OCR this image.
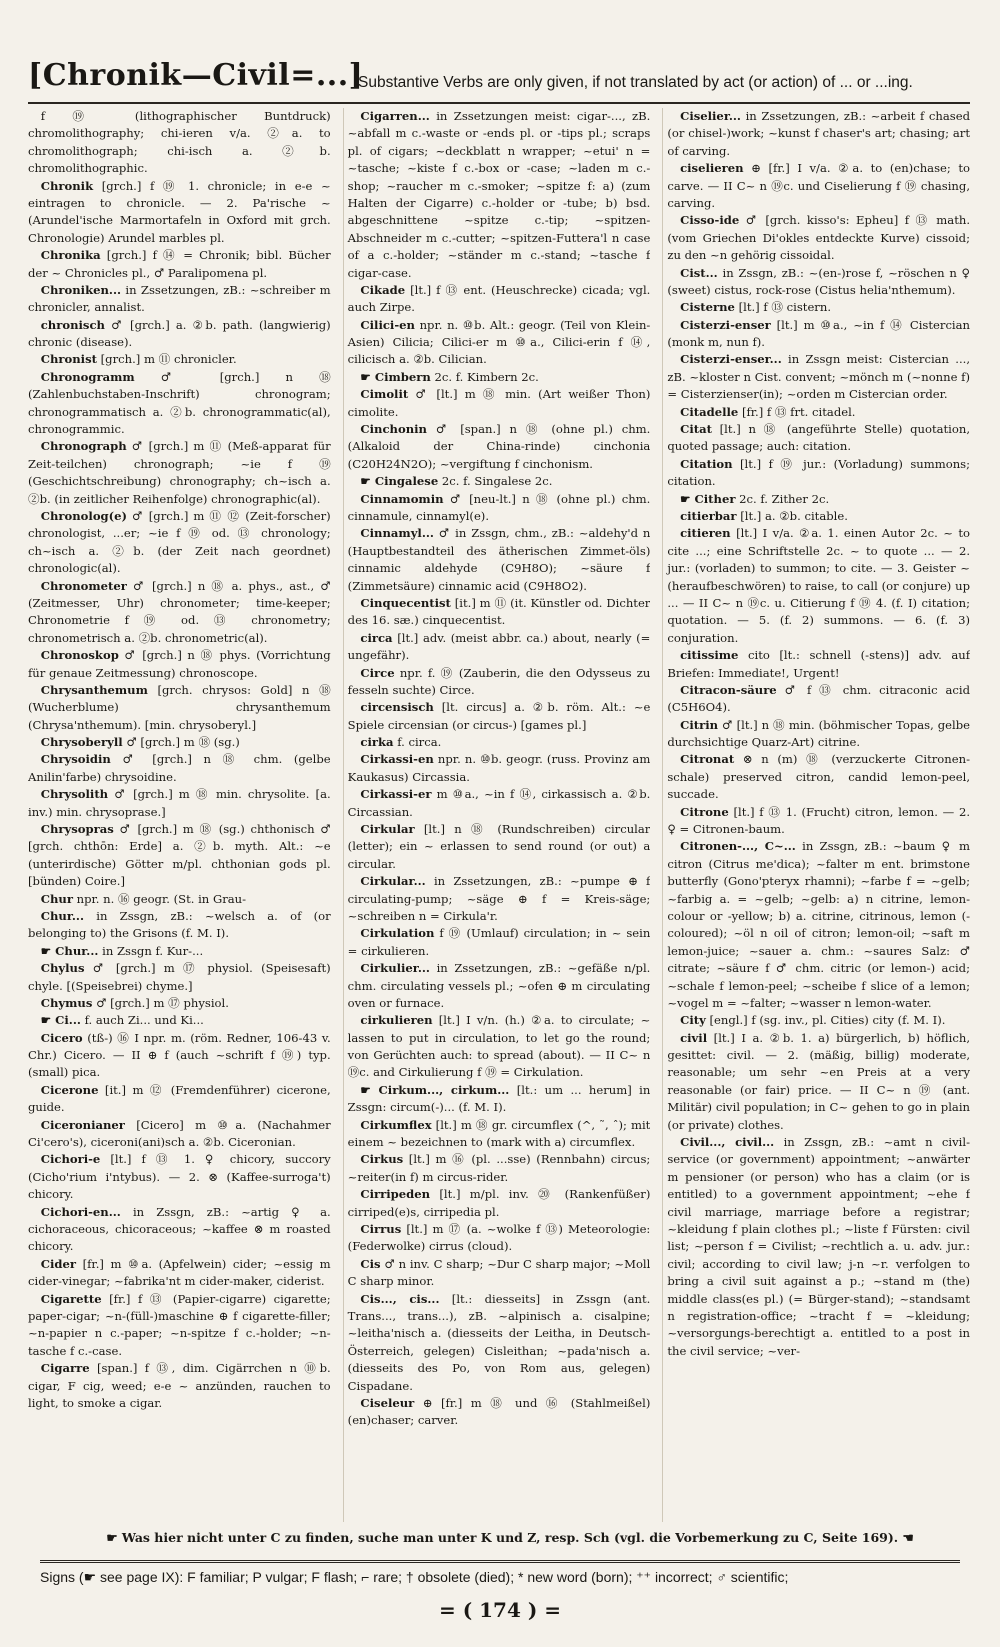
[Chronik—Civil=...]
Substantive Verbs are only given, if not translated by act (or action) of ... or ...ing.

f ⑲ (lithographischer Buntdruck) chromolithography; chi-ieren v/a. ②a. to chromolithograph; chi-isch a. ②b. chromolithographic.

Chronik [grch.] f ⑲ 1. chronicle; in e-e ~ eintragen to chronicle. — 2. Pa'rische ~ (Arundel'ische Marmortafeln in Oxford mit grch. Chronologie) Arundel marbles pl.

Chronika [grch.] f ⑭ = Chronik; bibl. Bücher der ~ Chronicles pl., ♂ Paralipomena pl.

Chroniken... in Zssetzungen, zB.: ~schreiber m chronicler, annalist.

chronisch ♂ [grch.] a. ②b. path. (langwierig) chronic (disease).

Chronist [grch.] m ⑪ chronicler.

Chronogramm ♂ [grch.] n ⑱ (Zahlenbuchstaben-Inschrift) chronogram; chronogrammatisch a. ②b. chronogrammatic(al), chronogrammic.

Chronograph ♂ [grch.] m ⑪ (Meß-apparat für Zeit-teilchen) chronograph; ~ie f ⑲ (Geschichtschreibung) chronography; ch~isch a. ②b. (in zeitlicher Reihenfolge) chronographic(al).

Chronolog(e) ♂ [grch.] m ⑪ ⑫ (Zeit-forscher) chronologist, ...er; ~ie f ⑲ od. ⑬ chronology; ch~isch a. ②b. (der Zeit nach geordnet) chronologic(al).

Chronometer ♂ [grch.] n ⑱ a. phys., ast., ♂ (Zeitmesser, Uhr) chronometer; time-keeper; Chronometrie f ⑲ od. ⑬ chronometry; chronometrisch a. ②b. chronometric(al).

Chronoskop ♂ [grch.] n ⑱ phys. (Vorrichtung für genaue Zeitmessung) chronoscope.

Chrysanthemum [grch. chrysos: Gold] n ⑱ (Wucherblume) chrysanthemum (Chrysa'nthemum). [min. chrysoberyl.]

Chrysoberyll ♂ [grch.] m ⑱ (sg.)

Chrysoidin ♂ [grch.] n ⑱ chm. (gelbe Anilin'farbe) chrysoidine.

Chrysolith ♂ [grch.] m ⑱ min. chrysolite. [a. inv.) min. chrysoprase.]

Chrysopras ♂ [grch.] m ⑱ (sg.) chthonisch ♂ [grch. chthōn: Erde] a. ②b. myth. Alt.: ~e (unterirdische) Götter m/pl. chthonian gods pl. [bünden) Coire.]

Chur npr. n. ⑯ geogr. (St. in Grau-

Chur... in Zssgn, zB.: ~welsch a. of (or belonging to) the Grisons (f. M. I).

☛ Chur... in Zssgn f. Kur-...

Chylus ♂ [grch.] m ⑰ physiol. (Speisesaft) chyle. [(Speisebrei) chyme.]

Chymus ♂ [grch.] m ⑰ physiol.

☛ Ci... f. auch Zi... und Ki...

Cicero (tß-) ⑯ I npr. m. (röm. Redner, 106-43 v. Chr.) Cicero. — II ⊕ f (auch ~schrift f ⑲) typ. (small) pica.

Cicerone [it.] m ⑫ (Fremdenführer) cicerone, guide.

Ciceronianer [Cicero] m ⑩a. (Nachahmer Ci'cero's), ciceroni(ani)sch a. ②b. Ciceronian.

Cichori-e [lt.] f ⑬ 1. ♀ chicory, succory (Cicho'rium i'ntybus). — 2. ⊗ (Kaffee-surroga't) chicory.

Cichori-en... in Zssgn, zB.: ~artig ♀ a. cichoraceous, chicoraceous; ~kaffee ⊗ m roasted chicory.

Cider [fr.] m ⑩a. (Apfelwein) cider; ~essig m cider-vinegar; ~fabrika'nt m cider-maker, ciderist.

Cigarette [fr.] f ⑬ (Papier-cigarre) cigarette; paper-cigar; ~n-(füll-)maschine ⊕ f cigarette-filler; ~n-papier n c.-paper; ~n-spitze f c.-holder; ~n-tasche f c.-case.

Cigarre [span.] f ⑬, dim. Cigärrchen n ⑩b. cigar, F cig, weed; e-e ~ anzünden, rauchen to light, to smoke a cigar.

Cigarren... in Zssetzungen meist: cigar-..., zB. ~abfall m c.-waste or -ends pl. or -tips pl.; scraps pl. of cigars; ~deckblatt n wrapper; ~etui' n = ~tasche; ~kiste f c.-box or -case; ~laden m c.-shop; ~raucher m c.-smoker; ~spitze f: a) (zum Halten der Cigarre) c.-holder or -tube; b) bsd. abgeschnittene ~spitze c.-tip; ~spitzen-Abschneider m c.-cutter; ~spitzen-Futtera'l n case of a c.-holder; ~ständer m c.-stand; ~tasche f cigar-case.

Cikade [lt.] f ⑬ ent. (Heuschrecke) cicada; vgl. auch Zirpe.

Cilici-en npr. n. ⑩b. Alt.: geogr. (Teil von Klein-Asien) Cilicia; Cilici-er m ⑩a., Cilici-erin f ⑭, cilicisch a. ②b. Cilician.

☛ Cimbern 2c. f. Kimbern 2c.

Cimolit ♂ [lt.] m ⑱ min. (Art weißer Thon) cimolite.

Cinchonin ♂ [span.] n ⑱ (ohne pl.) chm. (Alkaloid der China-rinde) cinchonia (C20H24N2O); ~vergiftung f cinchonism.

☛ Cingalese 2c. f. Singalese 2c.

Cinnamomin ♂ [neu-lt.] n ⑱ (ohne pl.) chm. cinnamule, cinnamyl(e).

Cinnamyl... ♂ in Zssgn, chm., zB.: ~aldehy'd n (Hauptbestandteil des ätherischen Zimmet-öls) cinnamic aldehyde (C9H8O); ~säure f (Zimmetsäure) cinnamic acid (C9H8O2).

Cinquecentist [it.] m ⑪ (it. Künstler od. Dichter des 16. sæ.) cinquecentist.

circa [lt.] adv. (meist abbr. ca.) about, nearly (= ungefähr).

Circe npr. f. ⑲ (Zauberin, die den Odysseus zu fesseln suchte) Circe.

circensisch [lt. circus] a. ②b. röm. Alt.: ~e Spiele circensian (or circus-) [games pl.]

cirka f. circa.

Cirkassi-en npr. n. ⑩b. geogr. (russ. Provinz am Kaukasus) Circassia.

Cirkassi-er m ⑩a., ~in f ⑭, cirkassisch a. ②b. Circassian.

Cirkular [lt.] n ⑱ (Rundschreiben) circular (letter); ein ~ erlassen to send round (or out) a circular.

Cirkular... in Zssetzungen, zB.: ~pumpe ⊕ f circulating-pump; ~säge ⊕ f = Kreis-säge; ~schreiben n = Cirkula'r.

Cirkulation f ⑲ (Umlauf) circulation; in ~ sein = cirkulieren.

Cirkulier... in Zssetzungen, zB.: ~gefäße n/pl. chm. circulating vessels pl.; ~ofen ⊕ m circulating oven or furnace.

cirkulieren [lt.] I v/n. (h.) ②a. to circulate; ~ lassen to put in circulation, to let go the round; von Gerüchten auch: to spread (about). — II C~ n ⑲c. and Cirkulierung f ⑲ = Cirkulation.

☛ Cirkum..., cirkum... [lt.: um ... herum] in Zssgn: circum(-)... (f. M. I).

Cirkumflex [lt.] m ⑱ gr. circumflex (^, ˜, ˆ); mit einem ~ bezeichnen to (mark with a) circumflex.

Cirkus [lt.] m ⑯ (pl. ...sse) (Rennbahn) circus; ~reiter(in f) m circus-rider.

Cirripeden [lt.] m/pl. inv. ⑳ (Rankenfüßer) cirriped(e)s, cirripedia pl.

Cirrus [lt.] m ⑰ (a. ~wolke f ⑬) Meteorologie: (Federwolke) cirrus (cloud).

Cis ♂ n inv. C sharp; ~Dur C sharp major; ~Moll C sharp minor.

Cis..., cis... [lt.: diesseits] in Zssgn (ant. Trans..., trans...), zB. ~alpinisch a. cisalpine; ~leitha'nisch a. (diesseits der Leitha, in Deutsch-Österreich, gelegen) Cisleithan; ~pada'nisch a. (diesseits des Po, von Rom aus, gelegen) Cispadane.

Ciseleur ⊕ [fr.] m ⑱ und ⑯ (Stahlmeißel) (en)chaser; carver.

Ciselier... in Zssetzungen, zB.: ~arbeit f chased (or chisel-)work; ~kunst f chaser's art; chasing; art of carving.

ciselieren ⊕ [fr.] I v/a. ②a. to (en)chase; to carve. — II C~ n ⑲c. und Ciselierung f ⑲ chasing, carving.

Cisso-ide ♂ [grch. kisso's: Epheu] f ⑬ math. (vom Griechen Di'okles entdeckte Kurve) cissoid; zu den ~n gehörig cissoidal.

Cist... in Zssgn, zB.: ~(en-)rose f, ~röschen n ♀ (sweet) cistus, rock-rose (Cistus helia'nthemum).

Cisterne [lt.] f ⑬ cistern.

Cisterzi-enser [lt.] m ⑩a., ~in f ⑭ Cistercian (monk m, nun f).

Cisterzi-enser... in Zssgn meist: Cistercian ..., zB. ~kloster n Cist. convent; ~mönch m (~nonne f) = Cisterzienser(in); ~orden m Cistercian order.

Citadelle [fr.] f ⑬ frt. citadel.

Citat [lt.] n ⑱ (angeführte Stelle) quotation, quoted passage; auch: citation.

Citation [lt.] f ⑲ jur.: (Vorladung) summons; citation.

☛ Cither 2c. f. Zither 2c.

citierbar [lt.] a. ②b. citable.

citieren [lt.] I v/a. ②a. 1. einen Autor 2c. ~ to cite ...; eine Schriftstelle 2c. ~ to quote ... — 2. jur.: (vorladen) to summon; to cite. — 3. Geister ~ (heraufbeschwören) to raise, to call (or conjure) up ... — II C~ n ⑲c. u. Citierung f ⑲ 4. (f. I) citation; quotation. — 5. (f. 2) summons. — 6. (f. 3) conjuration.

citissime cito [lt.: schnell (-stens)] adv. auf Briefen: Immediate!, Urgent!

Citracon-säure ♂ f ⑬ chm. citraconic acid (C5H6O4).

Citrin ♂ [lt.] n ⑱ min. (böhmischer Topas, gelbe durchsichtige Quarz-Art) citrine.

Citronat ⊗ n (m) ⑱ (verzuckerte Citronen-schale) preserved citron, candid lemon-peel, succade.

Citrone [lt.] f ⑬ 1. (Frucht) citron, lemon. — 2. ♀ = Citronen-baum.

Citronen-..., C~... in Zssgn, zB.: ~baum ♀ m citron (Citrus me'dica); ~falter m ent. brimstone butterfly (Gono'pteryx rhamni); ~farbe f = ~gelb; ~farbig a. = ~gelb; ~gelb: a) n citrine, lemon-colour or -yellow; b) a. citrine, citrinous, lemon (-coloured); ~öl n oil of citron; lemon-oil; ~saft m lemon-juice; ~sauer a. chm.: ~saures Salz: ♂ citrate; ~säure f ♂ chm. citric (or lemon-) acid; ~schale f lemon-peel; ~scheibe f slice of a lemon; ~vogel m = ~falter; ~wasser n lemon-water.

City [engl.] f (sg. inv., pl. Cities) city (f. M. I).

civil [lt.] I a. ②b. 1. a) bürgerlich, b) höflich, gesittet: civil. — 2. (mäßig, billig) moderate, reasonable; um sehr ~en Preis at a very reasonable (or fair) price. — II C~ n ⑲ (ant. Militär) civil population; in C~ gehen to go in plain (or private) clothes.

Civil..., civil... in Zssgn, zB.: ~amt n civil-service (or government) appointment; ~anwärter m pensioner (or person) who has a claim (or is entitled) to a government appointment; ~ehe f civil marriage, marriage before a registrar; ~kleidung f plain clothes pl.; ~liste f Fürsten: civil list; ~person f = Civilist; ~rechtlich a. u. adv. jur.: civil; according to civil law; j-n ~r. verfolgen to bring a civil suit against a p.; ~stand m (the) middle class(es pl.) (= Bürger-stand); ~standsamt n registration-office; ~tracht f = ~kleidung; ~versorgungs-berechtigt a. entitled to a post in the civil service; ~ver-

☛ Was hier nicht unter C zu finden, suche man unter K und Z, resp. Sch (vgl. die Vorbemerkung zu C, Seite 169). ☚
Signs (☛ see page IX): F familiar; P vulgar; F flash; ⌐ rare; † obsolete (died); * new word (born); ⁺⁺ incorrect; ♂ scientific;
= ( 174 ) =
